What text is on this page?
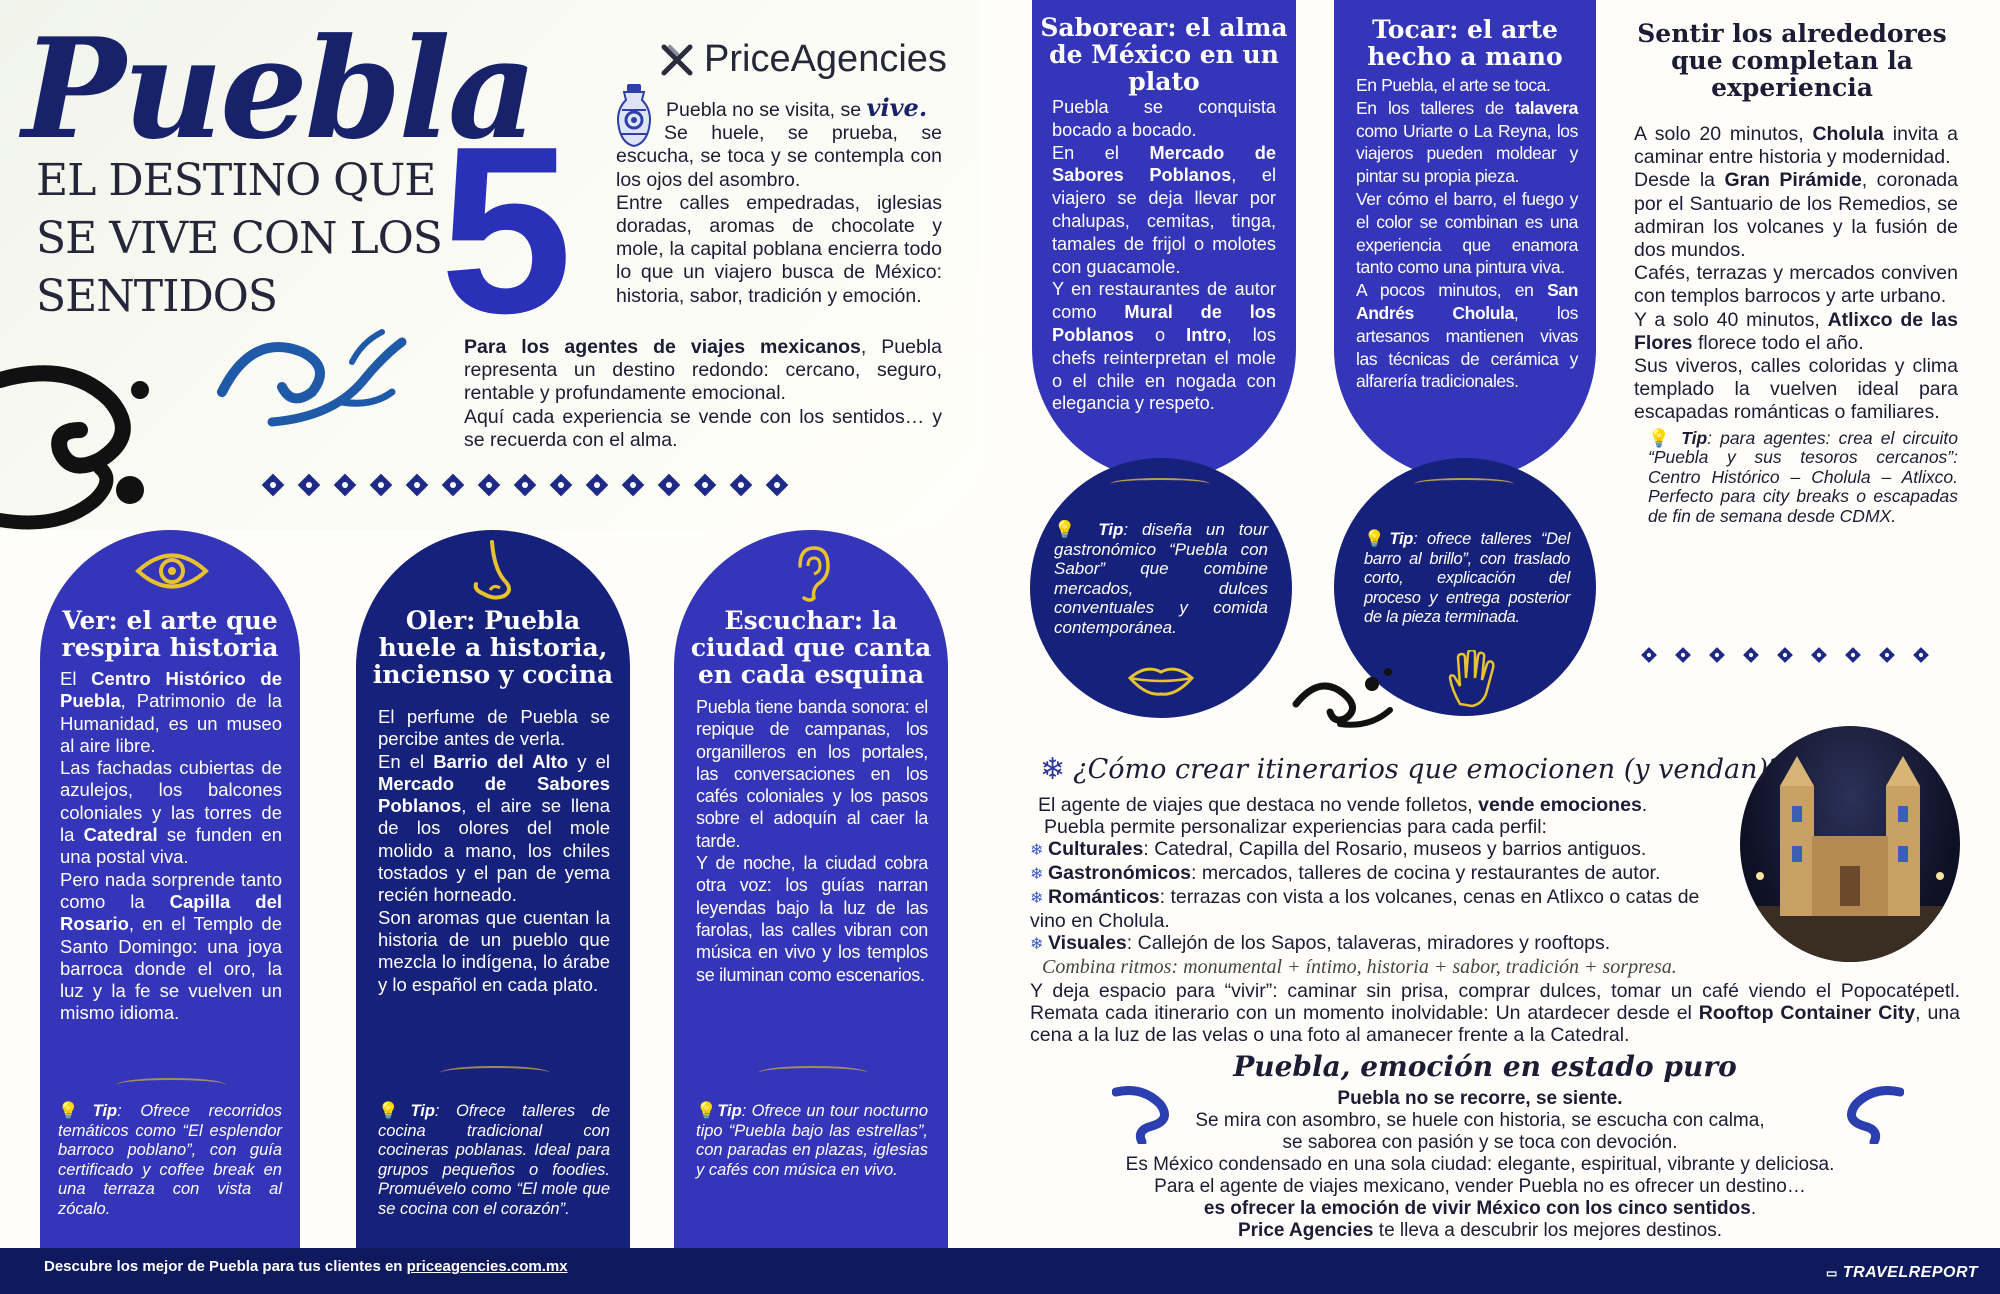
Puebla
EL DESTINO QUE
SE VIVE CON LOS
SENTIDOS 5
PriceAgencies

Puebla no se visita, se vive.

Se huele, se prueba, se escucha, se toca y se contempla con los ojos del asombro.

Entre calles empedradas, iglesias doradas, aromas de chocolate y mole, la capital poblana encierra todo lo que un viajero busca de México: historia, sabor, tradición y emoción.

Para los agentes de viajes mexicanos, Puebla representa un destino redondo: cercano, seguro, rentable y profundamente emocional.

Aquí cada experiencia se vende con los sentidos… y se recuerda con el alma.

Ver: el arte que respira historia

El Centro Histórico de Puebla, Patrimonio de la Humanidad, es un museo al aire libre.

Las fachadas cubiertas de azulejos, los balcones coloniales y las torres de la Catedral se funden en una postal viva.

Pero nada sorprende tanto como la Capilla del Rosario, en el Templo de Santo Domingo: una joya barroca donde el oro, la luz y la fe se vuelven un mismo idioma.

💡Tip: Ofrece recorridos temáticos como “El esplendor barroco poblano”, con guía certificado y coffee break en una terraza con vista al zócalo.
Oler: Puebla huele a historia, incienso y cocina

El perfume de Puebla se percibe antes de verla.

En el Barrio del Alto y el Mercado de Sabores Poblanos, el aire se llena de los olores del mole molido a mano, los chiles tostados y el pan de yema recién horneado.

Son aromas que cuentan la historia de un pueblo que mezcla lo indígena, lo árabe y lo español en cada plato.

💡Tip: Ofrece talleres de cocina tradicional con cocineras poblanas. Ideal para grupos pequeños o foodies. Promuévelo como “El mole que se cocina con el corazón”.
Escuchar: la ciudad que canta en cada esquina

Puebla tiene banda sonora: el repique de campanas, los organilleros en los portales, las conversaciones en los cafés coloniales y los pasos sobre el adoquín al caer la tarde.

Y de noche, la ciudad cobra otra voz: los guías narran leyendas bajo la luz de las farolas, las calles vibran con música en vivo y los templos se iluminan como escenarios.

💡Tip: Ofrece un tour nocturno tipo “Puebla bajo las estrellas”, con paradas en plazas, iglesias y cafés con música en vivo.
Saborear: el alma de México en un plato

Puebla se conquista bocado a bocado.

En el Mercado de Sabores Poblanos, el viajero se deja llevar por chalupas, cemitas, tinga, tamales de frijol o molotes con guacamole.

Y en restaurantes de autor como Mural de los Poblanos o Intro, los chefs reinterpretan el mole o el chile en nogada con elegancia y respeto.

💡 Tip: diseña un tour gastronómico “Puebla con Sabor” que combine mercados, dulces conventuales y comida contemporánea.
Tocar: el arte hecho a mano

En Puebla, el arte se toca.

En los talleres de talavera como Uriarte o La Reyna, los viajeros pueden moldear y pintar su propia pieza.

Ver cómo el barro, el fuego y el color se combinan es una experiencia que enamora tanto como una pintura viva.

A pocos minutos, en San Andrés Cholula, los artesanos mantienen vivas las técnicas de cerámica y alfarería tradicionales.

💡Tip: ofrece talleres “Del barro al brillo”, con traslado corto, explicación del proceso y entrega posterior de la pieza terminada.
Sentir los alrededores que completan la experiencia

A solo 20 minutos, Cholula invita a caminar entre historia y modernidad.

Desde la Gran Pirámide, coronada por el Santuario de los Remedios, se admiran los volcanes y la fusión de dos mundos.

Cafés, terrazas y mercados conviven con templos barrocos y arte urbano.

Y a solo 40 minutos, Atlixco de las Flores florece todo el año.

Sus viveros, calles coloridas y clima templado la vuelven ideal para escapadas románticas o familiares.

💡 Tip: para agentes: crea el circuito “Puebla y sus tesoros cercanos”: Centro Histórico – Cholula – Atlixco. Perfecto para city breaks o escapadas de fin de semana desde CDMX.
❄ ¿Cómo crear itinerarios que emocionen (y vendan)?
El agente de viajes que destaca no vende folletos, vende emociones.
Puebla permite personalizar experiencias para cada perfil:
❄ Culturales: Catedral, Capilla del Rosario, museos y barrios antiguos.
❄ Gastronómicos: mercados, talleres de cocina y restaurantes de autor.
❄ Románticos: terrazas con vista a los volcanes, cenas en Atlixco o catas de vino en Cholula.
❄ Visuales: Callejón de los Sapos, talaveras, miradores y rooftops.
Combina ritmos: monumental + íntimo, historia + sabor, tradición + sorpresa.
Y deja espacio para “vivir”: caminar sin prisa, comprar dulces, tomar un café viendo el Popocatépetl. Remata cada itinerario con un momento inolvidable: Un atardecer desde el Rooftop Container City, una cena a la luz de las velas o una foto al amanecer frente a la Catedral.
Puebla, emoción en estado puro
Puebla no se recorre, se siente.
Se mira con asombro, se huele con historia, se escucha con calma,
se saborea con pasión y se toca con devoción.
Es México condensado en una sola ciudad: elegante, espiritual, vibrante y deliciosa.
Para el agente de viajes mexicano, vender Puebla no es ofrecer un destino…
es ofrecer la emoción de vivir México con los cinco sentidos.
Price Agencies te lleva a descubrir los mejores destinos.
Descubre los mejor de Puebla para tus clientes en priceagencies.com.mx	▭ TRAVELREPORT
